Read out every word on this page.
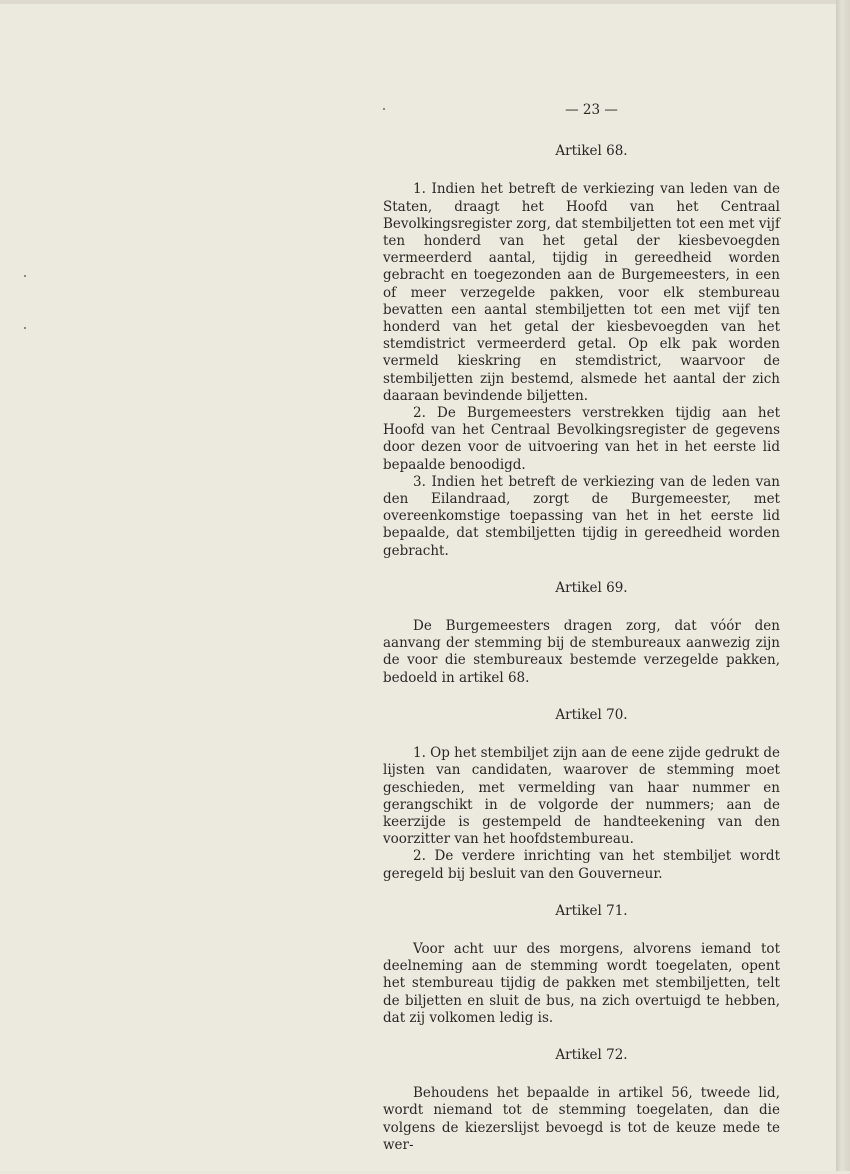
— 23 —

Artikel 68.

1. Indien het betreft de verkiezing van leden van de Staten, draagt het Hoofd van het Centraal Bevolkingsregister zorg, dat stembiljetten tot een met vijf ten honderd van het getal der kiesbevoegden vermeerderd aantal, tijdig in gereedheid worden gebracht en toegezonden aan de Burgemeesters, in een of meer verzegelde pakken, voor elk stembureau bevatten een aantal stembiljetten tot een met vijf ten honderd van het getal der kiesbevoegden van het stemdistrict vermeerderd getal. Op elk pak worden vermeld kieskring en stemdistrict, waarvoor de stembiljetten zijn bestemd, alsmede het aantal der zich daaraan bevindende biljetten.

2. De Burgemeesters verstrekken tijdig aan het Hoofd van het Centraal Bevolkingsregister de gegevens door dezen voor de uitvoering van het in het eerste lid bepaalde benoodigd.

3. Indien het betreft de verkiezing van de leden van den Eilandraad, zorgt de Burgemeester, met overeenkomstige toepassing van het in het eerste lid bepaalde, dat stembiljetten tijdig in gereedheid worden gebracht.

Artikel 69.

De Burgemeesters dragen zorg, dat vóór den aanvang der stemming bij de stembureaux aanwezig zijn de voor die stembureaux bestemde verzegelde pakken, bedoeld in artikel 68.

Artikel 70.

1. Op het stembiljet zijn aan de eene zijde gedrukt de lijsten van candidaten, waarover de stemming moet geschieden, met vermelding van haar nummer en gerangschikt in de volgorde der nummers; aan de keerzijde is gestempeld de handteekening van den voorzitter van het hoofdstembureau.

2. De verdere inrichting van het stembiljet wordt geregeld bij besluit van den Gouverneur.

Artikel 71.

Voor acht uur des morgens, alvorens iemand tot deelneming aan de stemming wordt toegelaten, opent het stembureau tijdig de pakken met stembiljetten, telt de biljetten en sluit de bus, na zich overtuigd te hebben, dat zij volkomen ledig is.

Artikel 72.

Behoudens het bepaalde in artikel 56, tweede lid, wordt niemand tot de stemming toegelaten, dan die volgens de kiezerslijst bevoegd is tot de keuze mede te wer-
